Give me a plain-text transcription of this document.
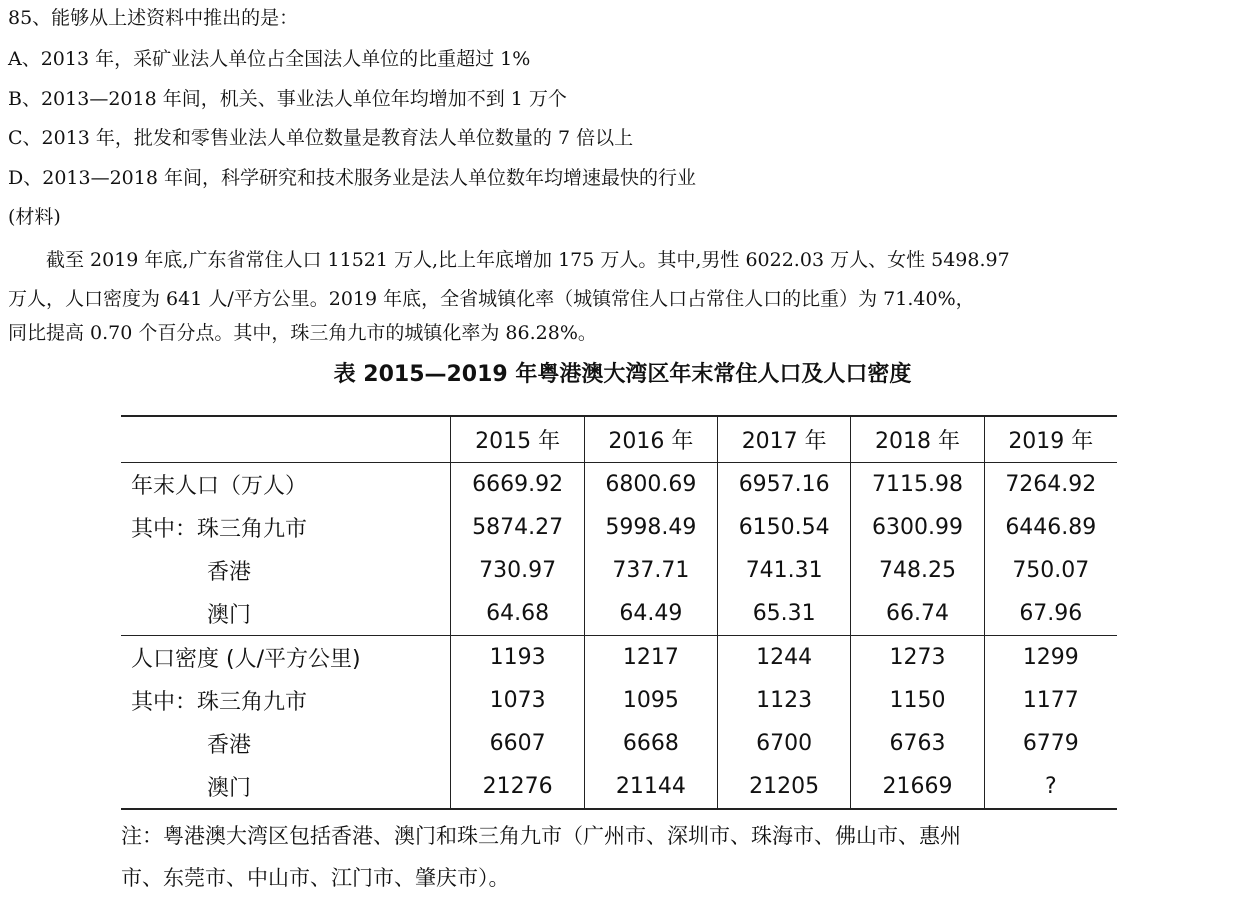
85、能够从上述资料中推出的是：
A、2013 年，采矿业法人单位占全国法人单位的比重超过 1%
B、2013—2018 年间，机关、事业法人单位年均增加不到 1 万个
C、2013 年，批发和零售业法人单位数量是教育法人单位数量的 7 倍以上
D、2013—2018 年间，科学研究和技术服务业是法人单位数年均增速最快的行业
(材料)
　　截至 2019 年底,广东省常住人口 11521 万人,比上年底增加 175 万人。其中,男性 6022.03 万人、女性 5498.97
万人，人口密度为 641 人/平方公里。2019 年底，全省城镇化率（城镇常住人口占常住人口的比重）为 71.40%，
同比提高 0.70 个百分点。其中，珠三角九市的城镇化率为 86.28%。
表 2015—2019 年粤港澳大湾区年末常住人口及人口密度
	2015 年	2016 年	2017 年	2018 年	2019 年
年末人口（万人）	6669.92	6800.69	6957.16	7115.98	7264.92
其中：珠三角九市	5874.27	5998.49	6150.54	6300.99	6446.89
香港	730.97	737.71	741.31	748.25	750.07
澳门	64.68	64.49	65.31	66.74	67.96
人口密度 (人/平方公里)	1193	1217	1244	1273	1299
其中：珠三角九市	1073	1095	1123	1150	1177
香港	6607	6668	6700	6763	6779
澳门	21276	21144	21205	21669	?
注：粤港澳大湾区包括香港、澳门和珠三角九市（广州市、深圳市、珠海市、佛山市、惠州
市、东莞市、中山市、江门市、肇庆市）。
